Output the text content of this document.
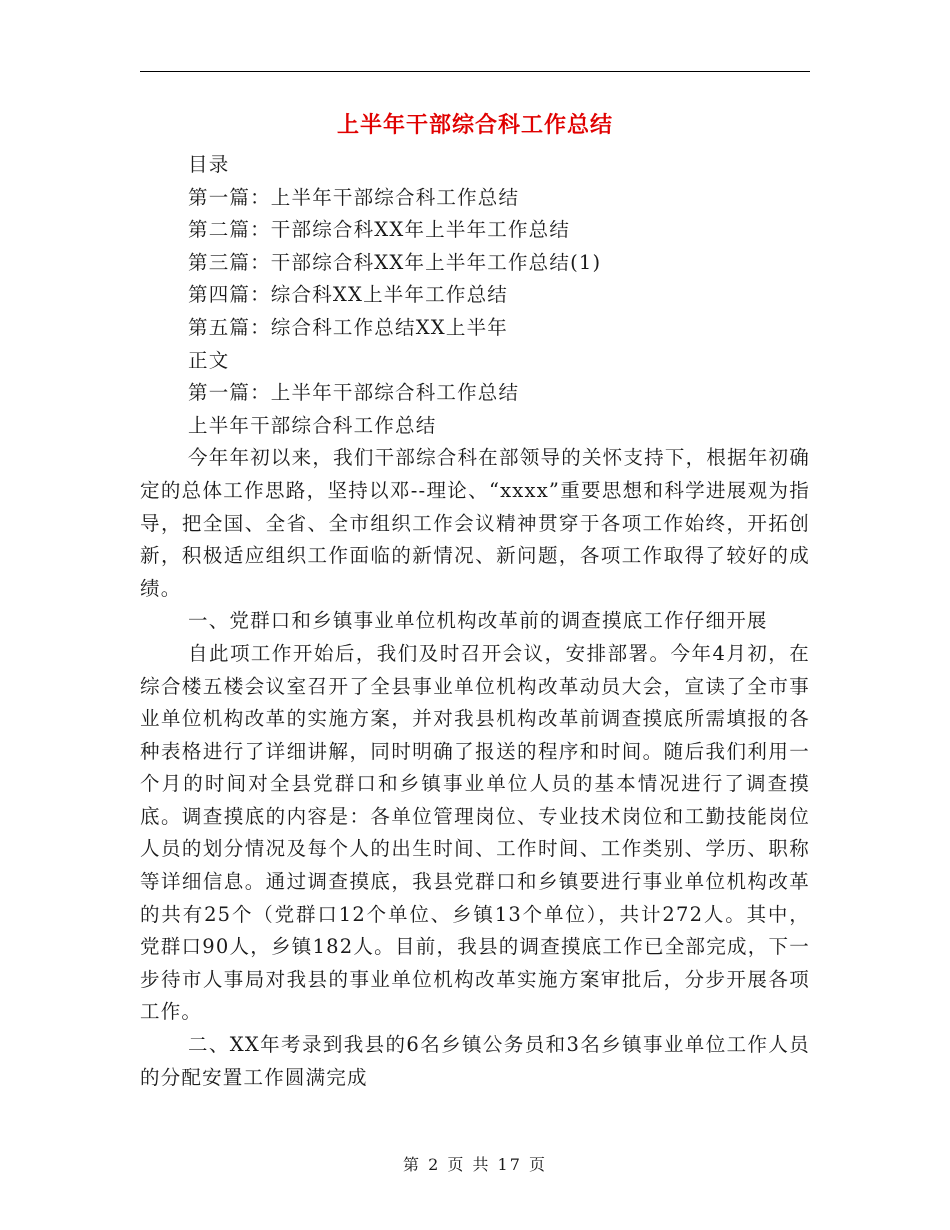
上半年干部综合科工作总结

目录

第一篇：上半年干部综合科工作总结

第二篇：干部综合科XX年上半年工作总结

第三篇：干部综合科XX年上半年工作总结(1)

第四篇：综合科XX上半年工作总结

第五篇：综合科工作总结XX上半年

正文

第一篇：上半年干部综合科工作总结

上半年干部综合科工作总结

今年年初以来，我们干部综合科在部领导的关怀支持下，根据年初确定的总体工作思路，坚持以邓--理论、“xxxx”重要思想和科学进展观为指导，把全国、全省、全市组织工作会议精神贯穿于各项工作始终，开拓创新，积极适应组织工作面临的新情况、新问题，各项工作取得了较好的成绩。

一、党群口和乡镇事业单位机构改革前的调查摸底工作仔细开展

自此项工作开始后，我们及时召开会议，安排部署。今年4月初，在综合楼五楼会议室召开了全县事业单位机构改革动员大会，宣读了全市事业单位机构改革的实施方案，并对我县机构改革前调查摸底所需填报的各种表格进行了详细讲解，同时明确了报送的程序和时间。随后我们利用一个月的时间对全县党群口和乡镇事业单位人员的基本情况进行了调查摸底。调查摸底的内容是：各单位管理岗位、专业技术岗位和工勤技能岗位人员的划分情况及每个人的出生时间、工作时间、工作类别、学历、职称等详细信息。通过调查摸底，我县党群口和乡镇要进行事业单位机构改革的共有25个（党群口12个单位、乡镇13个单位），共计272人。其中，党群口90人，乡镇182人。目前，我县的调查摸底工作已全部完成，下一步待市人事局对我县的事业单位机构改革实施方案审批后，分步开展各项工作。

二、XX年考录到我县的6名乡镇公务员和3名乡镇事业单位工作人员的分配安置工作圆满完成

第 2 页 共 17 页
